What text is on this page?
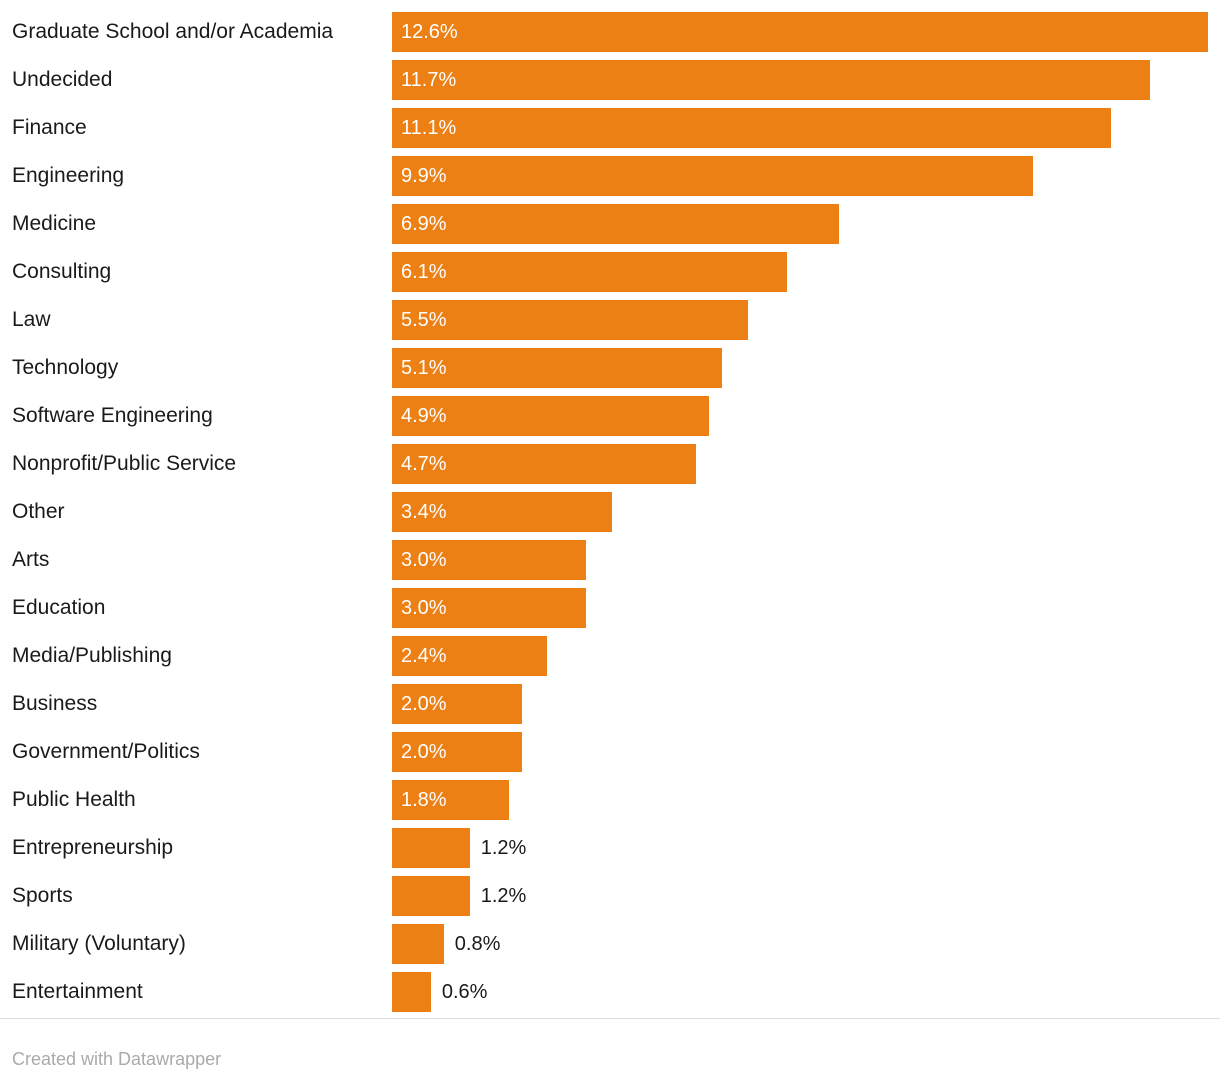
Graduate School and/or Academia	12.6%
Undecided	11.7%
Finance	11.1%
Engineering	9.9%
Medicine	6.9%
Consulting	6.1%
Law	5.5%
Technology	5.1%
Software Engineering	4.9%
Nonprofit/Public Service	4.7%
Other	3.4%
Arts	3.0%
Education	3.0%
Media/Publishing	2.4%
Business	2.0%
Government/Politics	2.0%
Public Health	1.8%
Entrepreneurship	1.2%
Sports	1.2%
Military (Voluntary)	0.8%
Entertainment	0.6%
Created with Datawrapper
